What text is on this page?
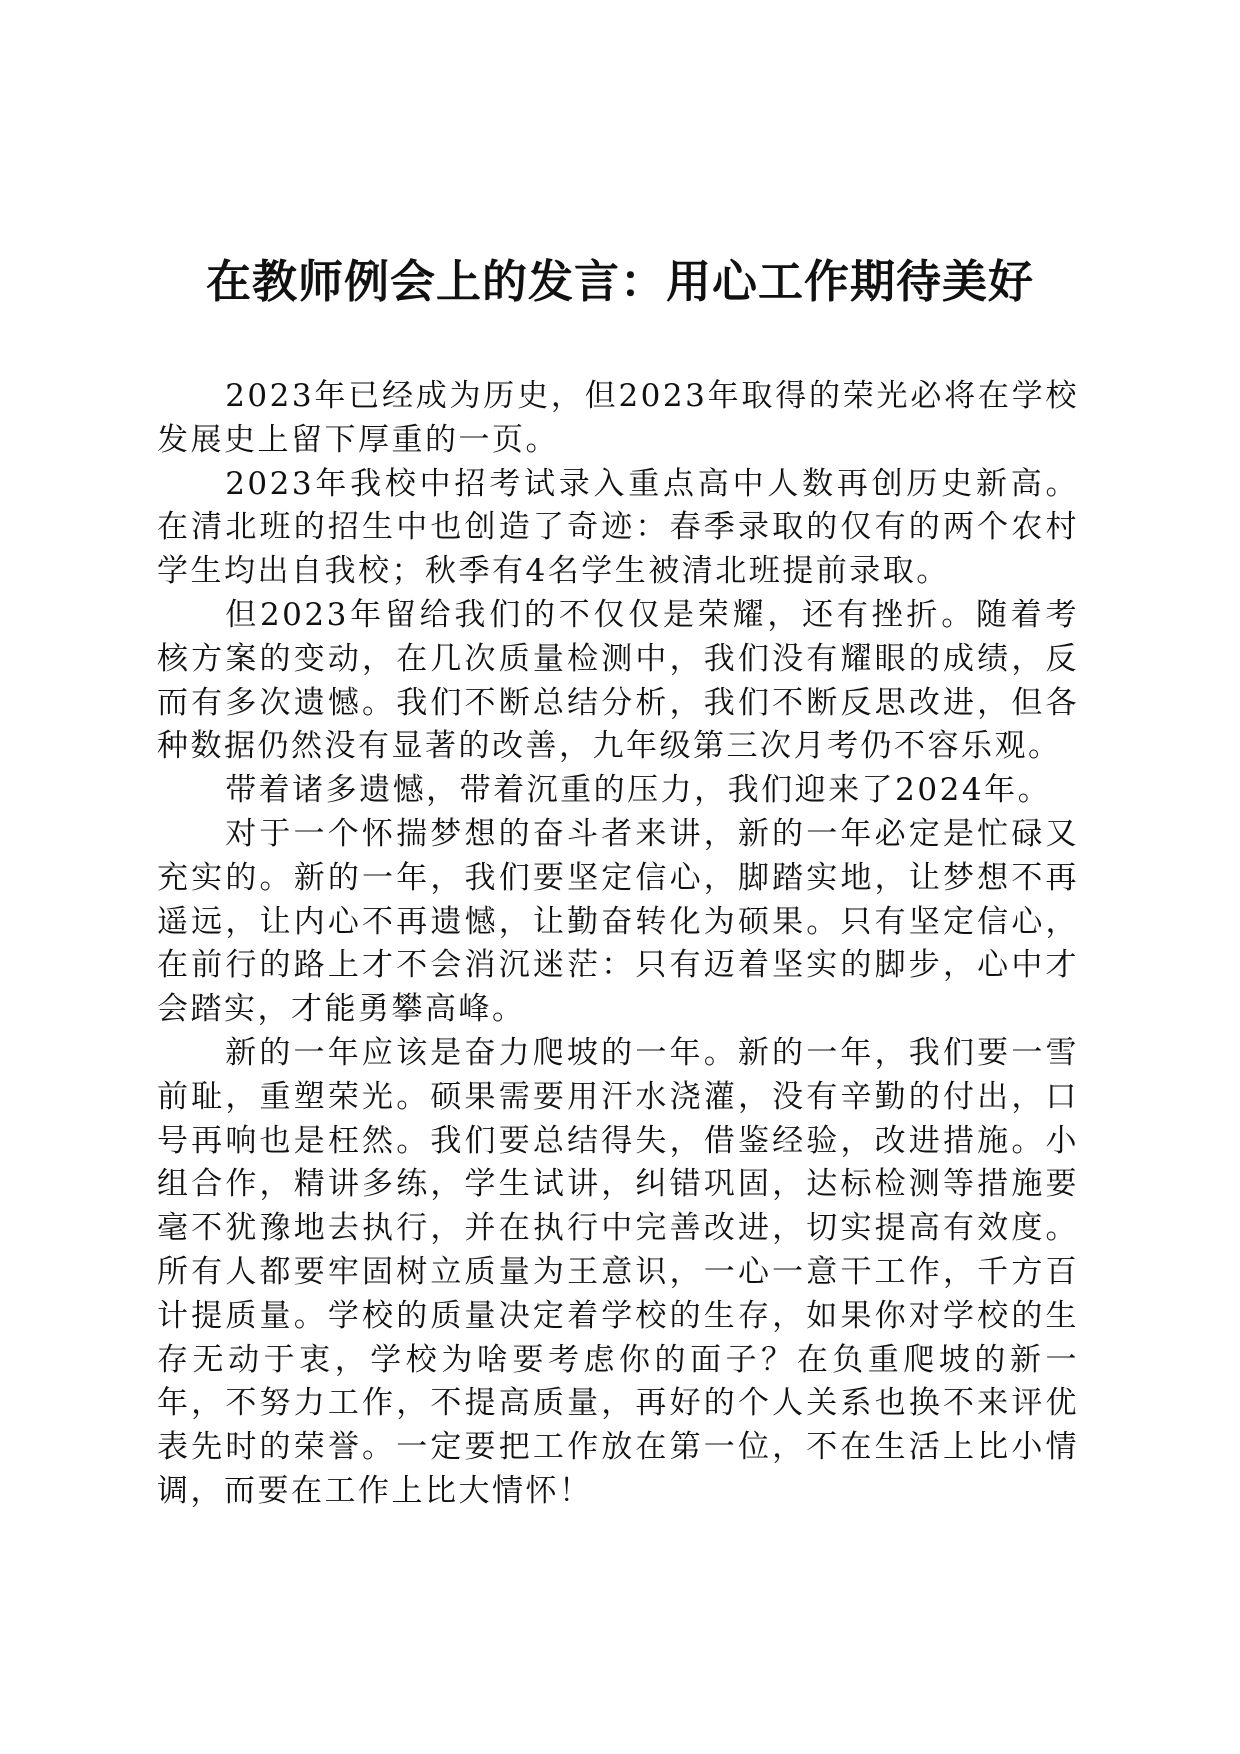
在教师例会上的发言：用心工作期待美好

2023年已经成为历史，但2023年取得的荣光必将在学校发展史上留下厚重的一页。

2023年我校中招考试录入重点高中人数再创历史新高。在清北班的招生中也创造了奇迹：春季录取的仅有的两个农村学生均出自我校；秋季有4名学生被清北班提前录取。

但2023年留给我们的不仅仅是荣耀，还有挫折。随着考核方案的变动，在几次质量检测中，我们没有耀眼的成绩，反而有多次遗憾。我们不断总结分析，我们不断反思改进，但各种数据仍然没有显著的改善，九年级第三次月考仍不容乐观。

带着诸多遗憾，带着沉重的压力，我们迎来了2024年。

对于一个怀揣梦想的奋斗者来讲，新的一年必定是忙碌又充实的。新的一年，我们要坚定信心，脚踏实地，让梦想不再遥远，让内心不再遗憾，让勤奋转化为硕果。只有坚定信心，在前行的路上才不会消沉迷茫：只有迈着坚实的脚步，心中才会踏实，才能勇攀高峰。

新的一年应该是奋力爬坡的一年。新的一年，我们要一雪前耻，重塑荣光。硕果需要用汗水浇灌，没有辛勤的付出，口号再响也是枉然。我们要总结得失，借鉴经验，改进措施。小组合作，精讲多练，学生试讲，纠错巩固，达标检测等措施要毫不犹豫地去执行，并在执行中完善改进，切实提高有效度。所有人都要牢固树立质量为王意识，一心一意干工作，千方百计提质量。学校的质量决定着学校的生存，如果你对学校的生存无动于衷，学校为啥要考虑你的面子？在负重爬坡的新一年，不努力工作，不提高质量，再好的个人关系也换不来评优表先时的荣誉。一定要把工作放在第一位，不在生活上比小情调，而要在工作上比大情怀！
